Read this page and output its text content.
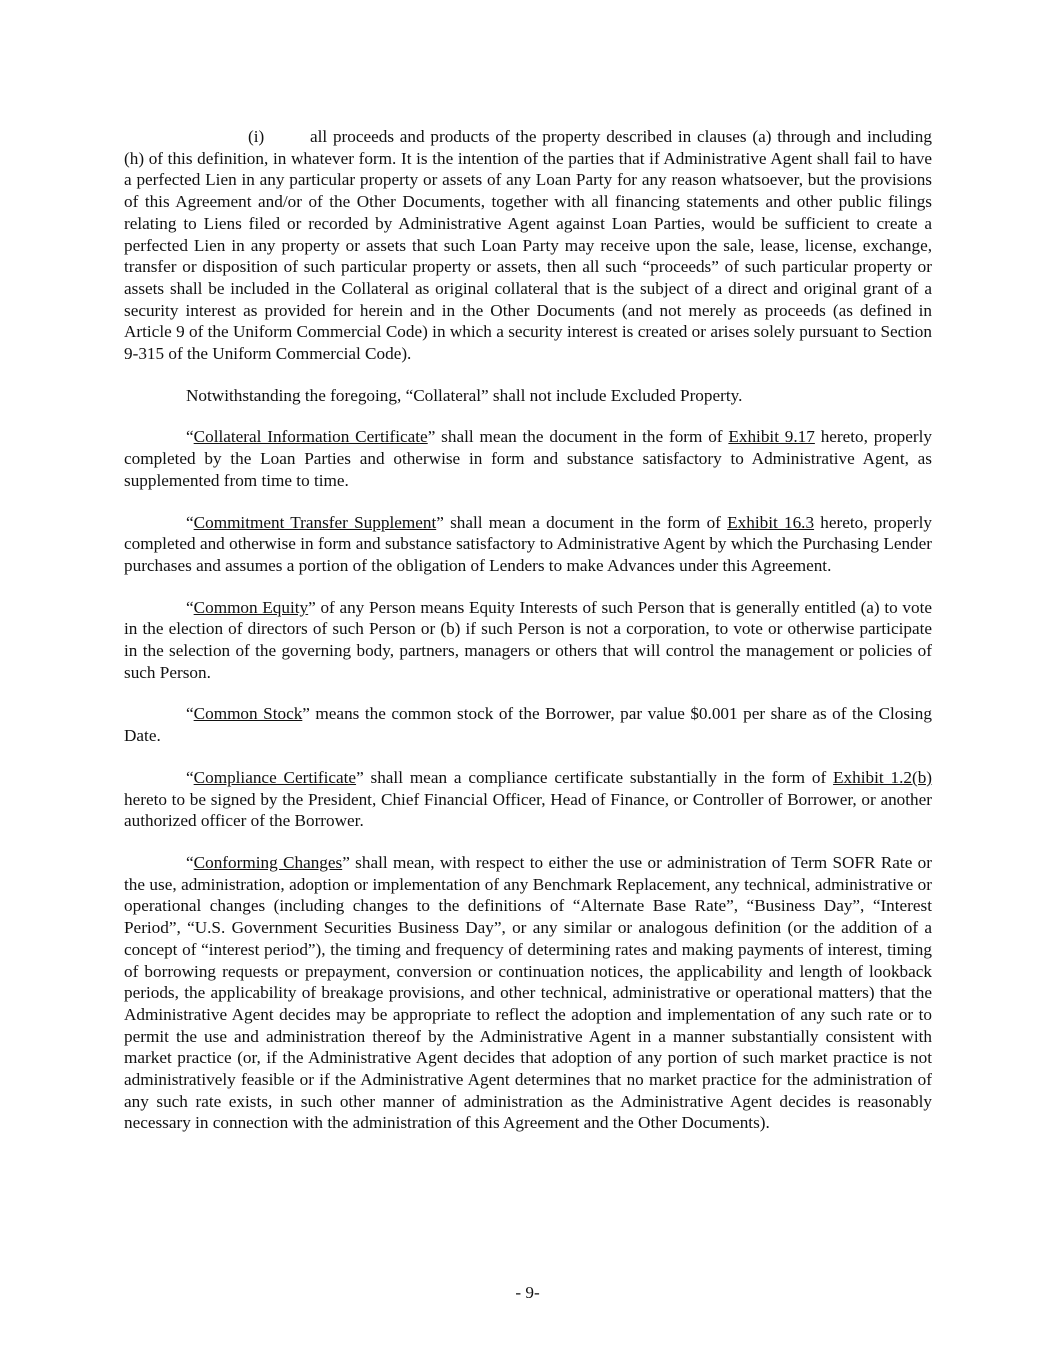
(i)	all proceeds and products of the property described in clauses (a) through and including (h) of this definition, in whatever form. It is the intention of the parties that if Administrative Agent shall fail to have a perfected Lien in any particular property or assets of any Loan Party for any reason whatsoever, but the provisions of this Agreement and/or of the Other Documents, together with all financing statements and other public filings relating to Liens filed or recorded by Administrative Agent against Loan Parties, would be sufficient to create a perfected Lien in any property or assets that such Loan Party may receive upon the sale, lease, license, exchange, transfer or disposition of such particular property or assets, then all such “proceeds” of such particular property or assets shall be included in the Collateral as original collateral that is the subject of a direct and original grant of a security interest as provided for herein and in the Other Documents (and not merely as proceeds (as defined in Article 9 of the Uniform Commercial Code) in which a security interest is created or arises solely pursuant to Section 9-315 of the Uniform Commercial Code).

Notwithstanding the foregoing, “Collateral” shall not include Excluded Property.

“Collateral Information Certificate” shall mean the document in the form of Exhibit 9.17 hereto, properly completed by the Loan Parties and otherwise in form and substance satisfactory to Administrative Agent, as supplemented from time to time.

“Commitment Transfer Supplement” shall mean a document in the form of Exhibit 16.3 hereto, properly completed and otherwise in form and substance satisfactory to Administrative Agent by which the Purchasing Lender purchases and assumes a portion of the obligation of Lenders to make Advances under this Agreement.

“Common Equity” of any Person means Equity Interests of such Person that is generally entitled (a) to vote in the election of directors of such Person or (b) if such Person is not a corporation, to vote or otherwise participate in the selection of the governing body, partners, managers or others that will control the management or policies of such Person.

“Common Stock” means the common stock of the Borrower, par value $0.001 per share as of the Closing Date.

“Compliance Certificate” shall mean a compliance certificate substantially in the form of Exhibit 1.2(b) hereto to be signed by the President, Chief Financial Officer, Head of Finance, or Controller of Borrower, or another authorized officer of the Borrower.

“Conforming Changes” shall mean, with respect to either the use or administration of Term SOFR Rate or the use, administration, adoption or implementation of any Benchmark Replacement, any technical, administrative or operational changes (including changes to the definitions of “Alternate Base Rate”, “Business Day”, “Interest Period”, “U.S. Government Securities Business Day”, or any similar or analogous definition (or the addition of a concept of “interest period”), the timing and frequency of determining rates and making payments of interest, timing of borrowing requests or prepayment, conversion or continuation notices, the applicability and length of lookback periods, the applicability of breakage provisions, and other technical, administrative or operational matters) that the Administrative Agent decides may be appropriate to reflect the adoption and implementation of any such rate or to permit the use and administration thereof by the Administrative Agent in a manner substantially consistent with market practice (or, if the Administrative Agent decides that adoption of any portion of such market practice is not administratively feasible or if the Administrative Agent determines that no market practice for the administration of any such rate exists, in such other manner of administration as the Administrative Agent decides is reasonably necessary in connection with the administration of this Agreement and the Other Documents).

- 9-
